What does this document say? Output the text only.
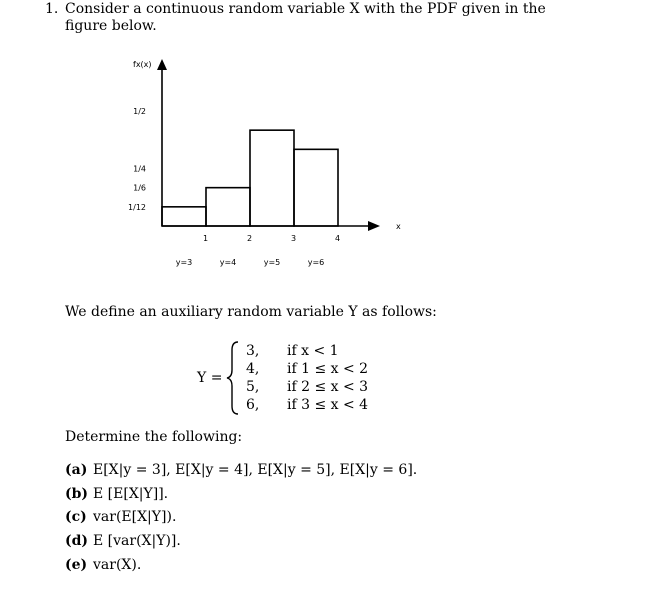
1. Consider a continuous random variable X with the PDF given in the
figure below.
1	2	3	4
1/2
1/4
1/6
1/12
y=3	y=4	y=5	y=6
fx(x)
x
We define an auxiliary random variable Y as follows:
Y =
3,
4,
5,
6,
if x < 1
if 1 ≤ x < 2
if 2 ≤ x < 3
if 3 ≤ x < 4
Determine the following:
(a) E[X|y = 3], E[X|y = 4], E[X|y = 5], E[X|y = 6].
(b) E [E[X|Y]].
(c) var(E[X|Y]).
(d) E [var(X|Y)].
(e) var(X).
